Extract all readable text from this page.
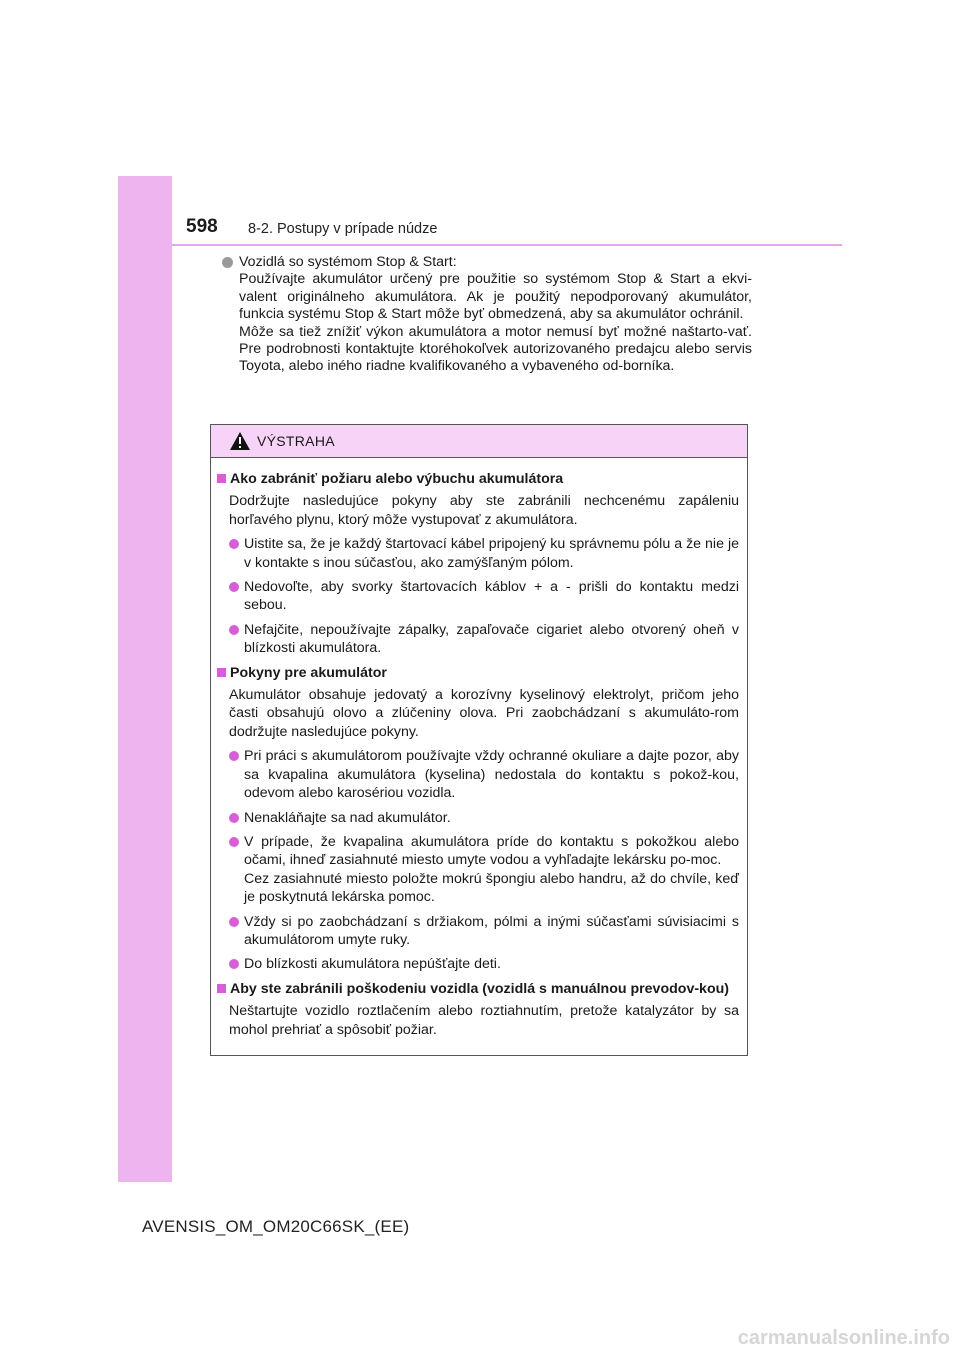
598 8-2. Postupy v prípade núdze

Vozidlá so systémom Stop & Start:

Používajte akumulátor určený pre použitie so systémom Stop & Start a ekvi-valent originálneho akumulátora. Ak je použitý nepodporovaný akumulátor, funkcia systému Stop & Start môže byť obmedzená, aby sa akumulátor ochránil.

Môže sa tiež znížiť výkon akumulátora a motor nemusí byť možné naštarto-vať. Pre podrobnosti kontaktujte ktoréhokoľvek autorizovaného predajcu alebo servis Toyota, alebo iného riadne kvalifikovaného a vybaveného od-borníka.

VÝSTRAHA
Ako zabrániť požiaru alebo výbuchu akumulátora

Dodržujte nasledujúce pokyny aby ste zabránili nechcenému zapáleniu horľavého plynu, ktorý môže vystupovať z akumulátora.

Uistite sa, že je každý štartovací kábel pripojený ku správnemu pólu a že nie je v kontakte s inou súčasťou, ako zamýšľaným pólom.

Nedovoľte, aby svorky štartovacích káblov + a - prišli do kontaktu medzi sebou.

Nefajčite, nepoužívajte zápalky, zapaľovače cigariet alebo otvorený oheň v blízkosti akumulátora.

Pokyny pre akumulátor

Akumulátor obsahuje jedovatý a korozívny kyselinový elektrolyt, pričom jeho časti obsahujú olovo a zlúčeniny olova. Pri zaobchádzaní s akumuláto-rom dodržujte nasledujúce pokyny.

Pri práci s akumulátorom používajte vždy ochranné okuliare a dajte pozor, aby sa kvapalina akumulátora (kyselina) nedostala do kontaktu s pokož-kou, odevom alebo karosériou vozidla.

Nenakláňajte sa nad akumulátor.

V prípade, že kvapalina akumulátora príde do kontaktu s pokožkou alebo očami, ihneď zasiahnuté miesto umyte vodou a vyhľadajte lekársku po-moc.

Cez zasiahnuté miesto položte mokrú špongiu alebo handru, až do chvíle, keď je poskytnutá lekárska pomoc.

Vždy si po zaobchádzaní s držiakom, pólmi a inými súčasťami súvisiacimi s akumulátorom umyte ruky.

Do blízkosti akumulátora nepúšťajte deti.

Aby ste zabránili poškodeniu vozidla (vozidlá s manuálnou prevodov-kou)

Neštartujte vozidlo roztlačením alebo roztiahnutím, pretože katalyzátor by sa mohol prehriať a spôsobiť požiar.

AVENSIS_OM_OM20C66SK_(EE)
carmanualsonline.info
